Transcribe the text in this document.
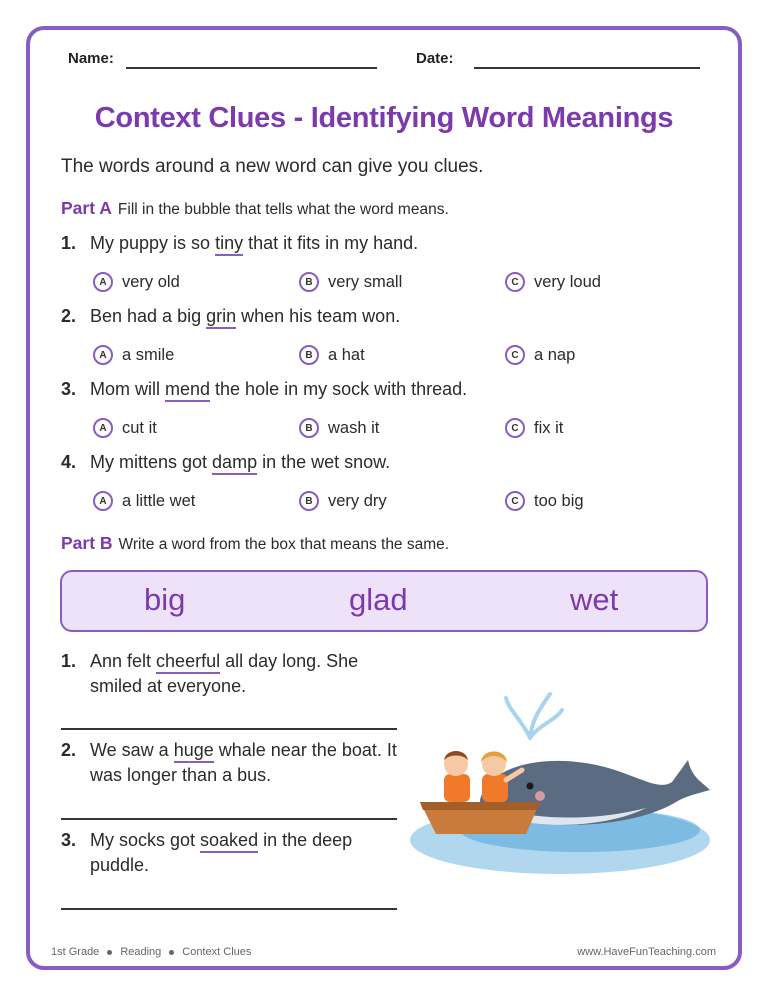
Name:	Date:
Context Clues - Identifying Word Meanings
The words around a new word can give you clues.
Part A Fill in the bubble that tells what the word means.
1. My puppy is so tiny that it fits in my hand.
A very old	B very small	C very loud
2. Ben had a big grin when his team won.
A a smile	B a hat	C a nap
3. Mom will mend the hole in my sock with thread.
A cut it	B wash it	C fix it
4. My mittens got damp in the wet snow.
A a little wet	B very dry	C too big
Part B Write a word from the box that means the same.
big	glad	wet
1. Ann felt cheerful all day long. She smiled at everyone.
2. We saw a huge whale near the boat. It was longer than a bus.
3. My socks got soaked in the deep puddle.
1st Grade Reading Context Clues	www.HaveFunTeaching.com
